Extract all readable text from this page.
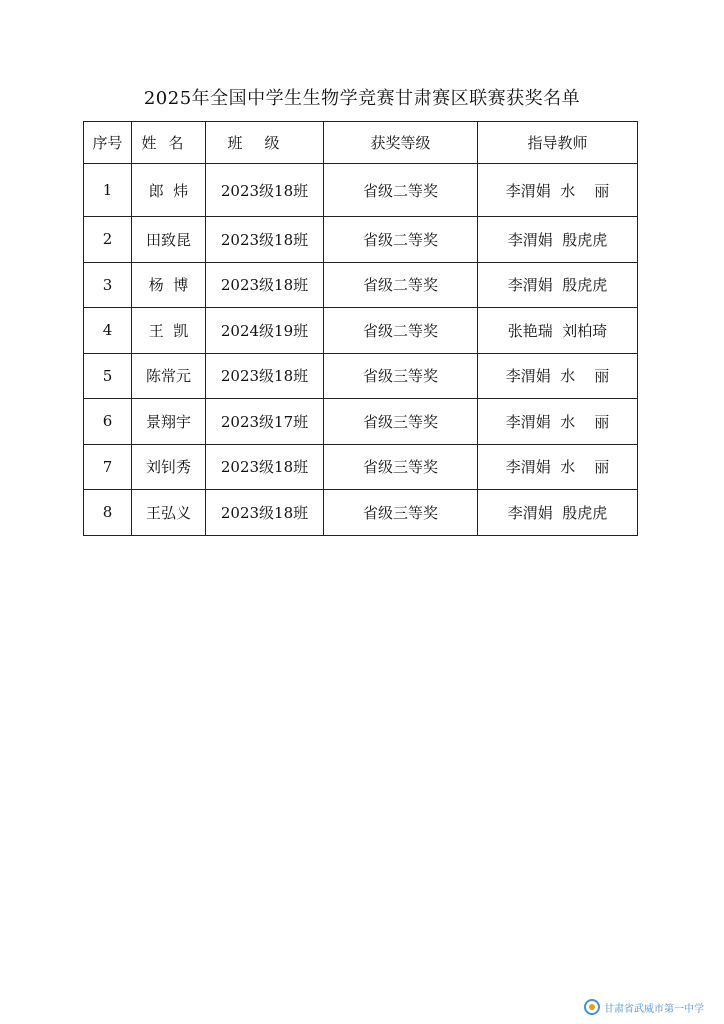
2025年全国中学生生物学竞赛甘肃赛区联赛获奖名单
序号	姓名	班级	获奖等级	指导教师
1	郎  炜	2023级18班	省级二等奖	李渭娟  水    丽
2	田致昆	2023级18班	省级二等奖	李渭娟  殷虎虎
3	杨  博	2023级18班	省级二等奖	李渭娟  殷虎虎
4	王  凯	2024级19班	省级二等奖	张艳瑞  刘柏琦
5	陈常元	2023级18班	省级三等奖	李渭娟  水    丽
6	景翔宇	2023级17班	省级三等奖	李渭娟  水    丽
7	刘钊秀	2023级18班	省级三等奖	李渭娟  水    丽
8	王弘义	2023级18班	省级三等奖	李渭娟  殷虎虎
甘肃省武威市第一中学
